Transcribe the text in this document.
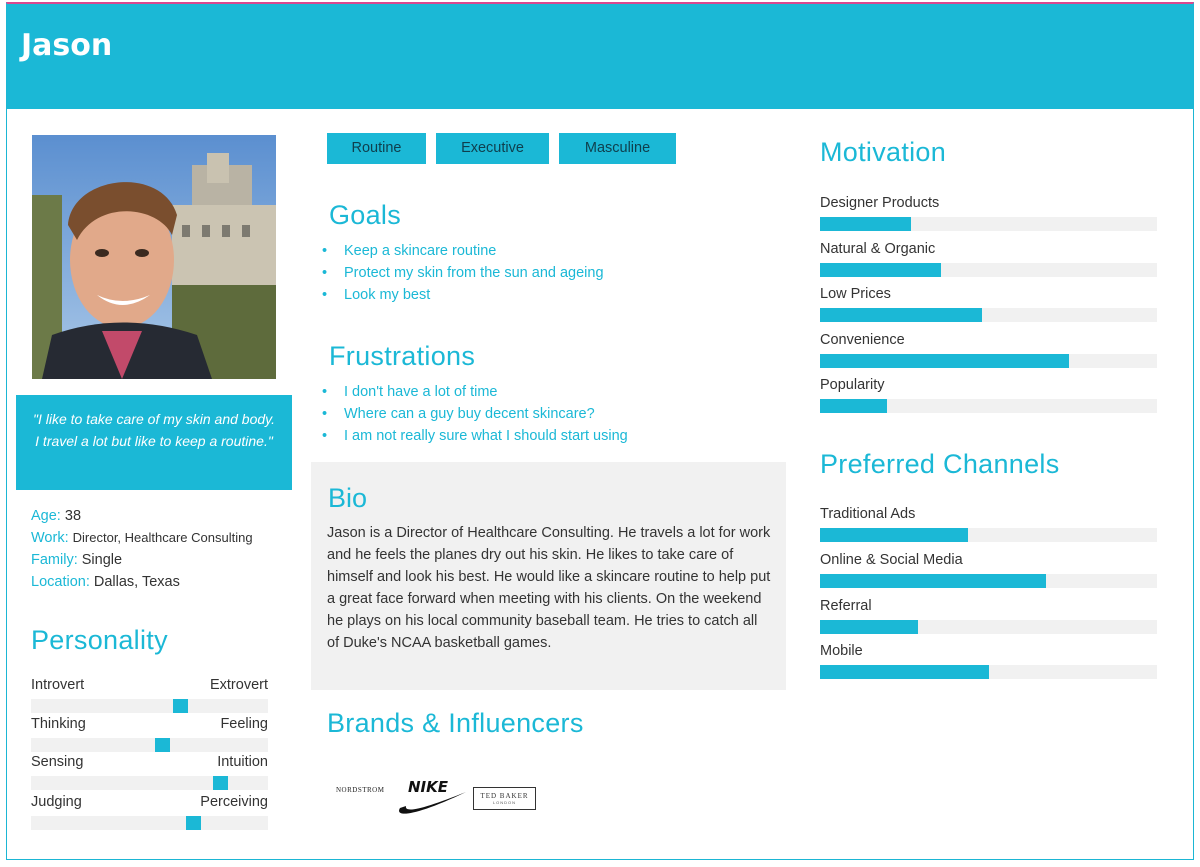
Jason
"I like to take care of my skin and body. I travel a lot but like to keep a routine."
Age: 38
Work: Director, Healthcare Consulting
Family: Single
Location: Dallas, Texas
Personality
Introvert	Extrovert
Thinking	Feeling
Sensing	Intuition
Judging	Perceiving
Routine	Executive	Masculine
Goals
• Keep a skincare routine
• Protect my skin from the sun and ageing
• Look my best
Frustrations
• I don't have a lot of time
• Where can a guy buy decent skincare?
• I am not really sure what I should start using
Bio
Jason is a Director of Healthcare Consulting. He travels a lot for work and he feels the planes dry out his skin. He likes to take care of himself and look his best. He would like a skincare routine to help put a great face forward when meeting with his clients. On the weekend he plays on his local community baseball team. He tries to catch all of Duke's NCAA basketball games.
Brands & Influencers
NORDSTROM NIKE	TED BAKER
LONDON
Motivation
Designer Products
Natural & Organic
Low Prices
Convenience
Popularity
Preferred Channels
Traditional Ads
Online & Social Media
Referral
Mobile
